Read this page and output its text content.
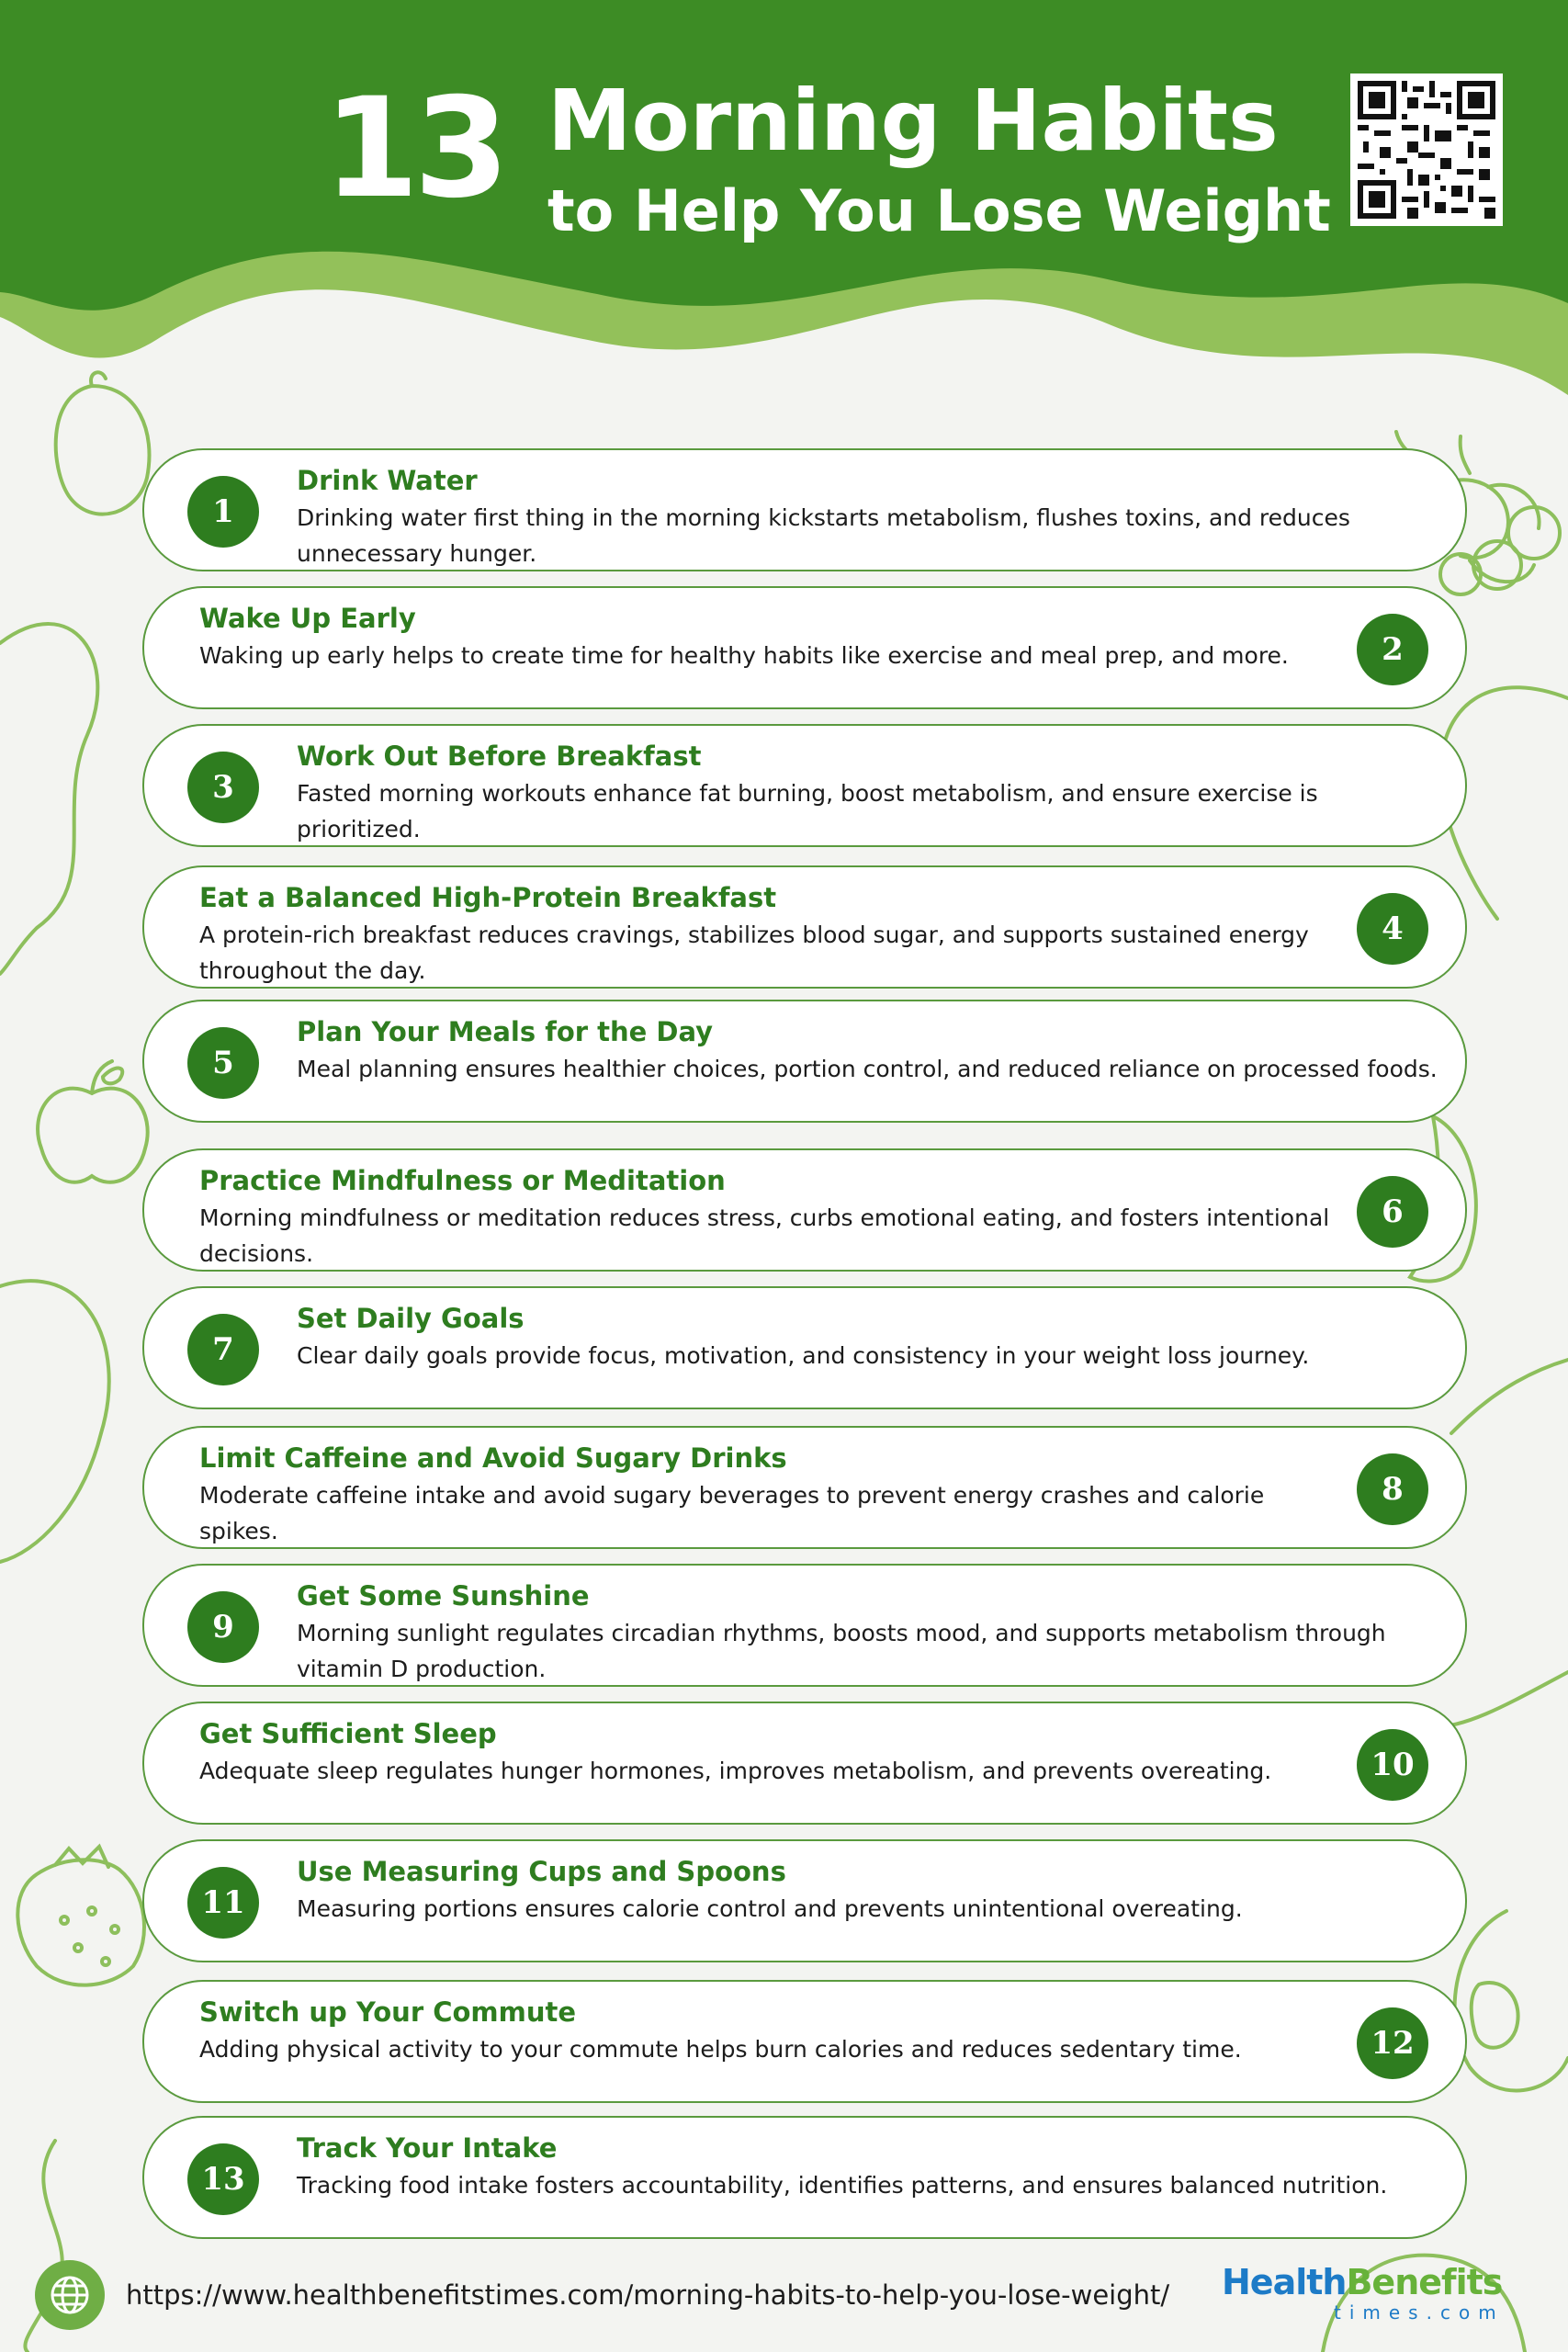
13 Morning Habits
to Help You Lose Weight
1
Drink Water
Drinking water first thing in the morning kickstarts metabolism, flushes toxins, and reduces unnecessary hunger.
2
Wake Up Early
Waking up early helps to create time for healthy habits like exercise and meal prep, and more.
3
Work Out Before Breakfast
Fasted morning workouts enhance fat burning, boost metabolism, and ensure exercise is prioritized.
4
Eat a Balanced High-Protein Breakfast
A protein-rich breakfast reduces cravings, stabilizes blood sugar, and supports sustained energy throughout the day.
5
Plan Your Meals for the Day
Meal planning ensures healthier choices, portion control, and reduced reliance on processed foods.
6
Practice Mindfulness or Meditation
Morning mindfulness or meditation reduces stress, curbs emotional eating, and fosters intentional decisions.
7
Set Daily Goals
Clear daily goals provide focus, motivation, and consistency in your weight loss journey.
8
Limit Caffeine and Avoid Sugary Drinks
Moderate caffeine intake and avoid sugary beverages to prevent energy crashes and calorie spikes.
9
Get Some Sunshine
Morning sunlight regulates circadian rhythms, boosts mood, and supports metabolism through vitamin D production.
10
Get Sufficient Sleep
Adequate sleep regulates hunger hormones, improves metabolism, and prevents overeating.
11
Use Measuring Cups and Spoons
Measuring portions ensures calorie control and prevents unintentional overeating.
12
Switch up Your Commute
Adding physical activity to your commute helps burn calories and reduces sedentary time.
13
Track Your Intake
Tracking food intake fosters accountability, identifies patterns, and ensures balanced nutrition.
https://www.healthbenefitstimes.com/morning-habits-to-help-you-lose-weight/	HealthBenefits
times.com
